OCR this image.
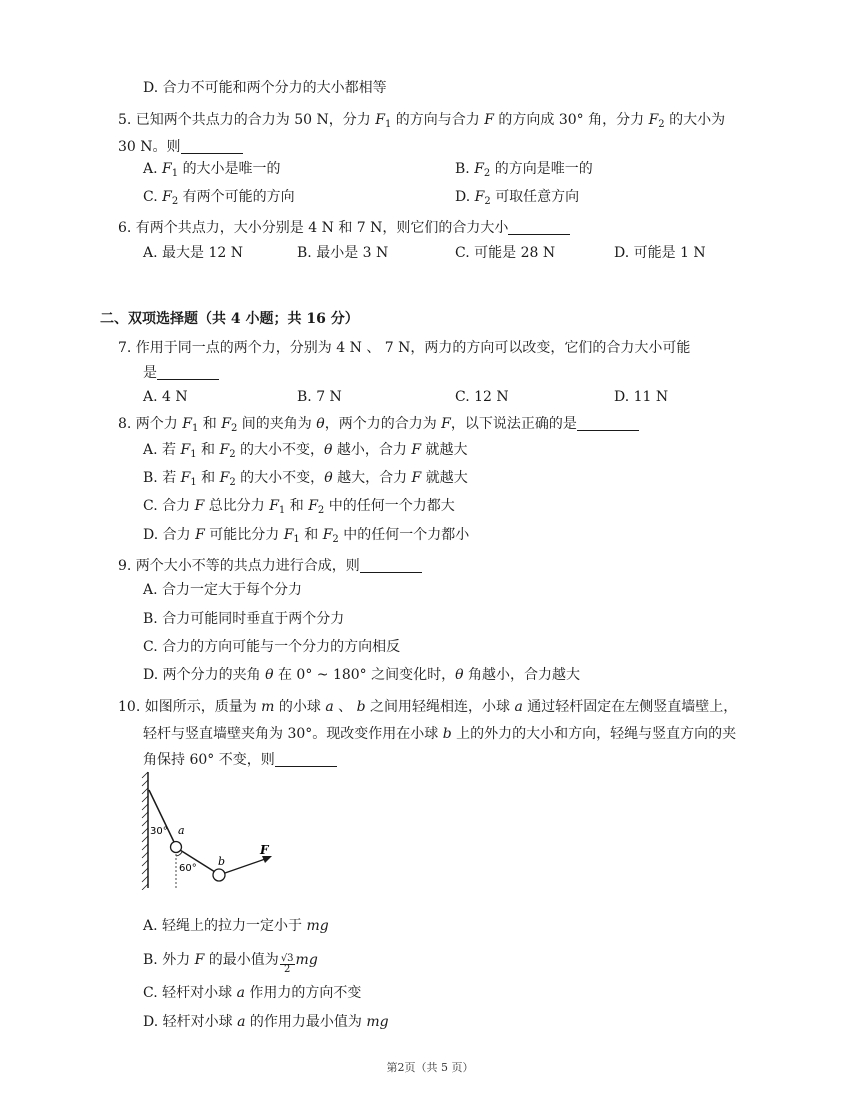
D. 合力不可能和两个分力的大小都相等
5. 已知两个共点力的合力为 50 N，分力 $F_1$ 的方向与合力 F 的方向成 30° 角，分力 $F_2$ 的大小为
30 N。则
A. $F_1$ 的大小是唯一的	B. $F_2$ 的方向是唯一的
C. $F_2$ 有两个可能的方向	D. $F_2$ 可取任意方向
6. 有两个共点力，大小分别是 4 N 和 7 N，则它们的合力大小
A. 最大是 12 N	B. 最小是 3 N	C. 可能是 28 N	D. 可能是 1 N
二、双项选择题（共 4 小题；共 16 分）
7. 作用于同一点的两个力，分别为 4 N 、 7 N，两力的方向可以改变，它们的合力大小可能
是
A. 4 N	B. 7 N	C. 12 N	D. 11 N
8. 两个力 $F_1$ 和 $F_2$ 间的夹角为 θ，两个力的合力为 F，以下说法正确的是
A. 若 $F_1$ 和 $F_2$ 的大小不变，θ 越小，合力 F 就越大
B. 若 $F_1$ 和 $F_2$ 的大小不变，θ 越大，合力 F 就越大
C. 合力 F 总比分力 $F_1$ 和 $F_2$ 中的任何一个力都大
D. 合力 F 可能比分力 $F_1$ 和 $F_2$ 中的任何一个力都小
9. 两个大小不等的共点力进行合成，则
A. 合力一定大于每个分力
B. 合力可能同时垂直于两个分力
C. 合力的方向可能与一个分力的方向相反
D. 两个分力的夹角 θ 在 0° ~ 180° 之间变化时，θ 角越小，合力越大
10. 如图所示，质量为 m 的小球 a 、 b 之间用轻绳相连，小球 a 通过轻杆固定在左侧竖直墙壁上，
轻杆与竖直墙壁夹角为 30°。现改变作用在小球 b 上的外力的大小和方向，轻绳与竖直方向的夹
角保持 60° 不变，则
30° a
60°
b
F
A. 轻绳上的拉力一定小于 mg
B. 外力 F 的最小值为 $\frac{√3}{2}$ mg
C. 轻杆对小球 a 作用力的方向不变
D. 轻杆对小球 a 的作用力最小值为 mg
第2页（共 5 页）
